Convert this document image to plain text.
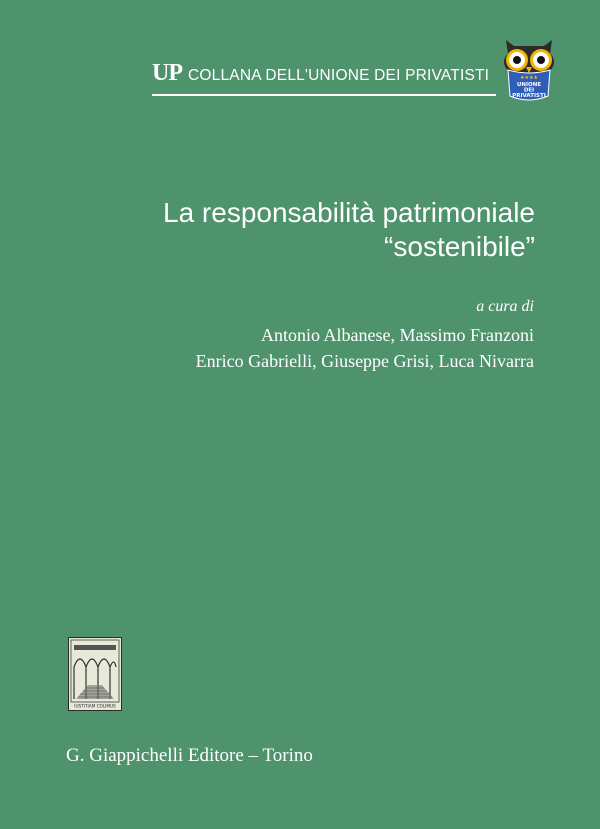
UP COLLANA DELL'UNIONE DEI PRIVATISTI	★★★★
UNIONE
DEI
PRIVATISTI
La responsabilità patrimoniale
“sostenibile”
a cura di
Antonio Albanese, Massimo Franzoni
Enrico Gabrielli, Giuseppe Grisi, Luca Nivarra
IUSTITIAM COLIMUS
G. Giappichelli Editore – Torino
